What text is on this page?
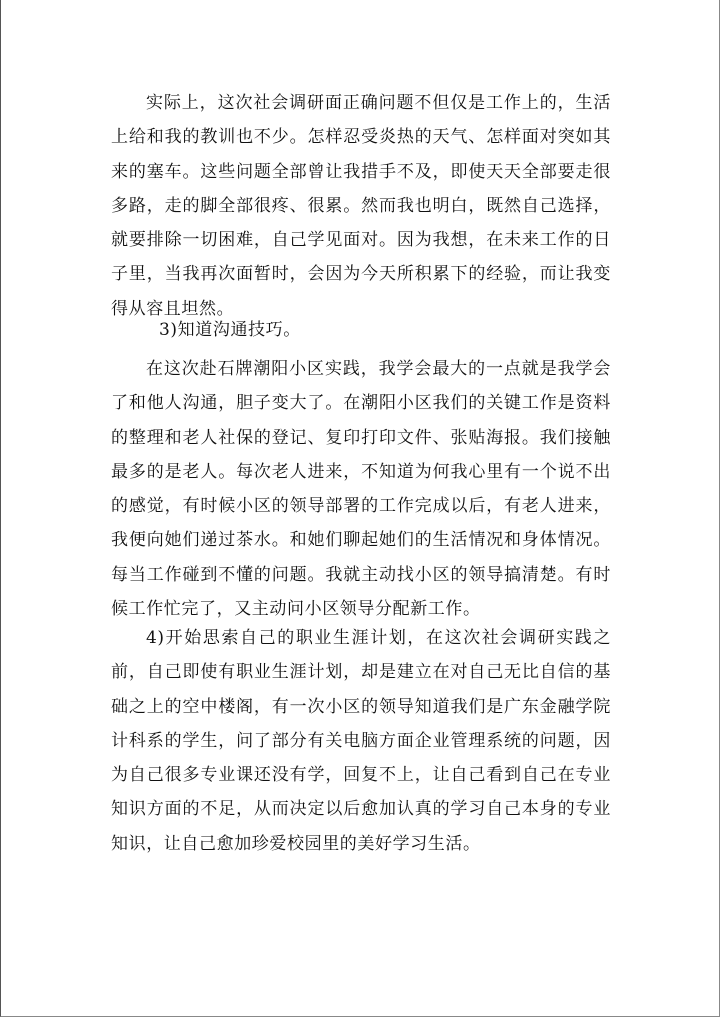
实际上，这次社会调研面正确问题不但仅是工作上的，生活上给和我的教训也不少。怎样忍受炎热的天气、怎样面对突如其来的塞车。这些问题全部曾让我措手不及，即使天天全部要走很多路，走的脚全部很疼、很累。然而我也明白，既然自己选择，就要排除一切困难，自己学见面对。因为我想，在未来工作的日子里，当我再次面暂时，会因为今天所积累下的经验，而让我变得从容且坦然。

3)知道沟通技巧。

在这次赴石牌潮阳小区实践，我学会最大的一点就是我学会了和他人沟通，胆子变大了。在潮阳小区我们的关键工作是资料的整理和老人社保的登记、复印打印文件、张贴海报。我们接触最多的是老人。每次老人进来，不知道为何我心里有一个说不出的感觉，有时候小区的领导部署的工作完成以后，有老人进来，我便向她们递过茶水。和她们聊起她们的生活情况和身体情况。每当工作碰到不懂的问题。我就主动找小区的领导搞清楚。有时候工作忙完了，又主动问小区领导分配新工作。

4)开始思索自己的职业生涯计划，在这次社会调研实践之前，自己即使有职业生涯计划，却是建立在对自己无比自信的基础之上的空中楼阁，有一次小区的领导知道我们是广东金融学院计科系的学生，问了部分有关电脑方面企业管理系统的问题，因为自己很多专业课还没有学，回复不上，让自己看到自己在专业知识方面的不足，从而决定以后愈加认真的学习自己本身的专业知识，让自己愈加珍爱校园里的美好学习生活。
